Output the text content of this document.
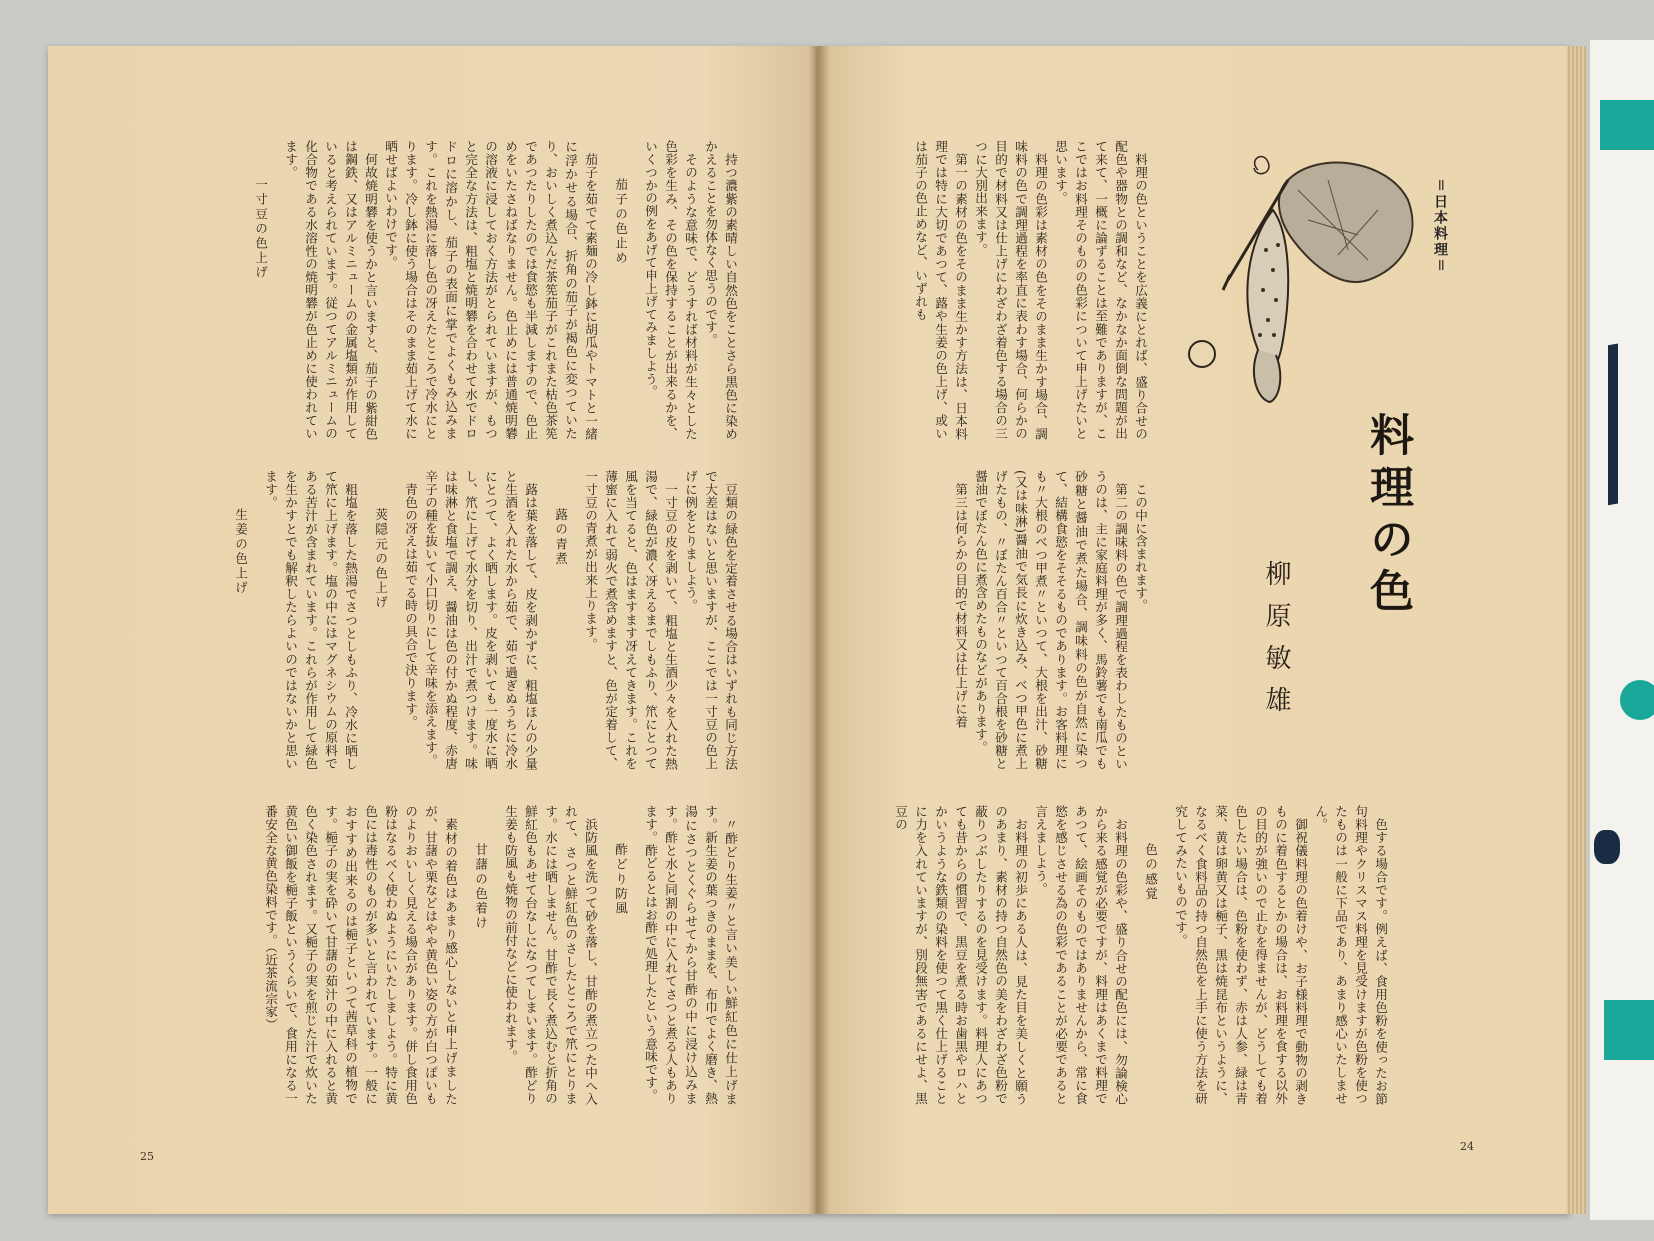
持つ濃紫の素晴しい自然色をことさら黒色に染めかえることを勿体なく思うのです。

そのような意味で、どうすれば材料が生々とした色彩を生み、その色を保持することが出来るかを、いくつかの例をあげて申上げてみましよう。

茄子の色止め

茄子を茹でて素麺の冷し鉢に胡瓜やトマトと一緒に浮かせる場合、折角の茄子が褐色に変つていたり、おいしく煮込んだ茶筅茄子がこれまた枯色茶筅であつたりしたのでは食慾も半減しますので、色止めをいたさねばなりません。色止めには普通焼明礬の溶液に浸しておく方法がとられていますが、もつと完全な方法は、粗塩と焼明礬を合わせて水でドロドロに溶かし、茄子の表面に掌でよくもみ込みます。これを熱湯に落し色の冴えたところで冷水にとります。冷し鉢に使う場合はそのまま茹上げて水に晒せばよいわけです。

何故焼明礬を使うかと言いますと、茄子の紫紺色は鋼鉄、又はアルミニュームの金属塩類が作用していると考えられています。従つてアルミニュームの化合物である水溶性の焼明礬が色止めに使われています。

一寸豆の色上げ

豆類の緑色を定着させる場合はいずれも同じ方法で大差はないと思いますが、ここでは一寸豆の色上げに例をとりましよう。

一寸豆の皮を剥いて、粗塩と生酒少々を入れた熱湯で、緑色が濃く冴えるまでしもふり、笊にとつて風を当てると、色はますます冴えてきます。これを薄蜜に入れて弱火で煮含めますと、色が定着して、一寸豆の青煮が出来上ります。

蕗の青煮

蕗は葉を落して、皮を剥かずに、粗塩ほんの少量と生酒を入れた水から茹で、茹で過ぎぬうちに冷水にとつて、よく晒します。皮を剥いても一度水に晒し、笊に上げて水分を切り、出汁で煮つけます。味は味淋と食塩で調え、醤油は色の付かぬ程度、赤唐辛子の種を抜いて小口切りにして辛味を添えます。

青色の冴えは茹でる時の具合で決ります。

莢隠元の色上げ

粗塩を落した熱湯でさつとしもふり、冷水に晒して笊に上げます。塩の中にはマグネシウムの原料である苦汁が含まれています。これらが作用して緑色を生かすとでも解釈したらよいのではないかと思います。

生姜の色上げ

〃酢どり生姜〃と言い美しい鮮紅色に仕上げます。新生姜の葉つきのままを、布巾でよく磨き、熱湯にさつとくぐらせてから甘酢の中に浸け込みます。酢と水と同割の中に入れてさつと煮る人もあります。酢どるとはお酢で処理したという意味です。

酢どり防風

浜防風を洗つて砂を落し、甘酢の煮立つた中へ入れて、さつと鮮紅色のさしたところで笊にとります。水には晒しません。甘酢で長く煮込むと折角の鮮紅色もあせて台なしになつてしまいます。酢どり生姜も防風も焼物の前付などに使われます。

甘藷の色着け

素材の着色はあまり感心しないと申上げましたが、甘藷や栗などはやや黄色い姿の方が白つぽいものよりおいしく見える場合があります。併し食用色粉はなるべく使わぬようにいたしましよう。特に黄色には毒性のものが多いと言われています。一般におすすめ出来るのは梔子といつて茜草科の植物です。梔子の実を砕いて甘藷の茹汁の中に入れると黄色く染色されます。又梔子の実を煎じた汁で炊いた黄色い御飯を梔子飯というくらいで、食用になる一番安全な黄色染料です。（近茶流宗家）

25
＝日本料理＝
料理の色
柳原敏雄

料理の色ということを広義にとれば、盛り合せの配色や器物との調和など、なかなか面倒な問題が出て来て、一概に論ずることは至難でありますが、ここではお料理そのものの色彩について申上げたいと思います。

料理の色彩は素材の色をそのまま生かす場合、調味料の色で調理過程を率直に表わす場合、何らかの目的で材料又は仕上げにわざわざ着色する場合の三つに大別出来ます。

第一の素材の色をそのまま生かす方法は、日本料理では特に大切であつて、蕗や生姜の色上げ、或いは茄子の色止めなど、いずれも

この中に含まれます。

第二の調味料の色で調理過程を表わしたものというのは、主に家庭料理が多く、馬鈴薯でも南瓜でも砂糖と醤油で煮た場合、調味料の色が自然に染つて、結構食慾をそそるものであります。お客料理にも〃大根のべつ甲煮〃といつて、大根を出汁、砂糖(又は味淋)醤油で気長に炊き込み、べつ甲色に煮上げたもの、〃ぼたん百合〃といつて百合根を砂糖と醤油でぼたん色に煮含めたものなどがあります。

第三は何らかの目的で材料又は仕上げに着

色する場合です。例えば、食用色粉を使ったお節句料理やクリスマス料理を見受けますが色粉を使つたものは一般に下品であり、あまり感心いたしません。

御祝儀料理の色着けや、お子様料理で動物の剥きものに着色するとかの場合は、お料理を食する以外の目的が強いので止むを得ませんが、どうしても着色したい場合は、色粉を使わず、赤は人参、緑は青菜、黄は卵黄又は梔子、黒は焼昆布というように、なるべく食料品の持つ自然色を上手に使う方法を研究してみたいものです。

色の感覚

お料理の色彩や、盛り合せの配色には、勿論検心から来る感覚が必要ですが、料理はあくまで料理であつて、絵画そのものではありませんから、常に食慾を感じさせる為の色彩であることが必要であると言えましよう。

お料理の初歩にある人は、見た目を美しくと願うのあまり、素材の持つ自然色の美をわざわざ色粉で蔽りつぶしたりするのを見受けます。料理人にあつても昔からの慣習で、黒豆を煮る時お歯黒やロハとかいうような鉄類の染料を使つて黒く仕上げることに力を入れていますが、別段無害であるにせよ、黒豆の

24
